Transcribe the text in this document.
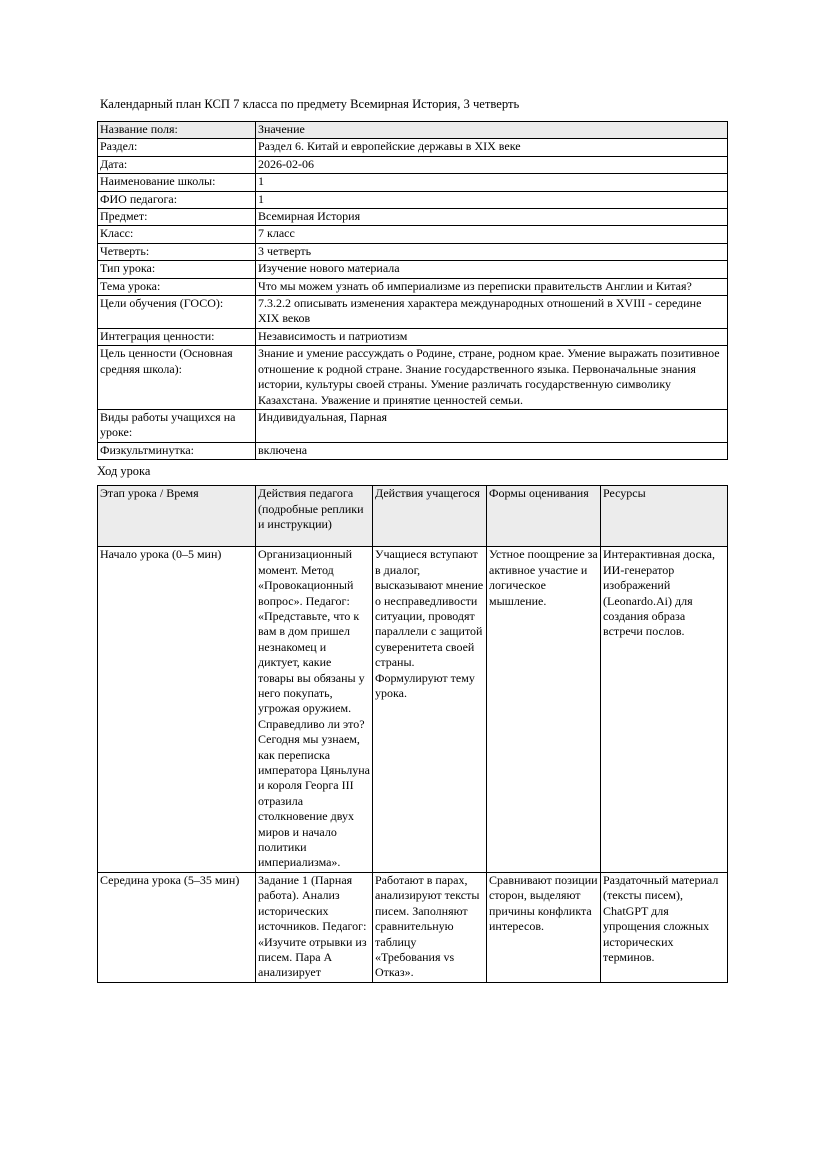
Календарный план КСП 7 класса по предмету Всемирная История, 3 четверть
Название поля:	Значение
Раздел:	Раздел 6. Китай и европейские державы в XIX веке
Дата:	2026-02-06
Наименование школы:	1
ФИО педагога:	1
Предмет:	Всемирная История
Класс:	7 класс
Четверть:	3 четверть
Тип урока:	Изучение нового материала
Тема урока:	Что мы можем узнать об империализме из переписки правительств Англии и Китая?
Цели обучения (ГОСО):	7.3.2.2 описывать изменения характера международных отношений в XVIII - середине XIX веков
Интеграция ценности:	Независимость и патриотизм
Цель ценности (Основная средняя школа):	Знание и умение рассуждать о Родине, стране, родном крае. Умение выражать позитивное отношение к родной стране. Знание государственного языка. Первоначальные знания истории, культуры своей страны. Умение различать государственную символику Казахстана. Уважение и принятие ценностей семьи.
Виды работы учащихся на уроке:	Индивидуальная, Парная
Физкультминутка:	включена
Ход урока
Этап урока / Время	Действия педагога (подробные реплики и инструкции)	Действия учащегося	Формы оценивания	Ресурсы
Начало урока (0–5 мин)	Организационный момент. Метод «Провокационный вопрос». Педагог: «Представьте, что к вам в дом пришел незнакомец и диктует, какие товары вы обязаны у него покупать, угрожая оружием. Справедливо ли это? Сегодня мы узнаем, как переписка императора Цяньлуна и короля Георга III отразила столкновение двух миров и начало политики империализма».	Учащиеся вступают в диалог, высказывают мнение о несправедливости ситуации, проводят параллели с защитой суверенитета своей страны. Формулируют тему урока.	Устное поощрение за активное участие и логическое мышление.	Интерактивная доска, ИИ-генератор изображений (Leonardo.Ai) для создания образа встречи послов.
Середина урока (5–35 мин)	Задание 1 (Парная работа). Анализ исторических источников. Педагог: «Изучите отрывки из писем. Пара А анализирует	Работают в парах, анализируют тексты писем. Заполняют сравнительную таблицу «Требования vs Отказ».	Сравнивают позиции сторон, выделяют причины конфликта интересов.	Раздаточный материал (тексты писем), ChatGPT для упрощения сложных исторических терминов.
